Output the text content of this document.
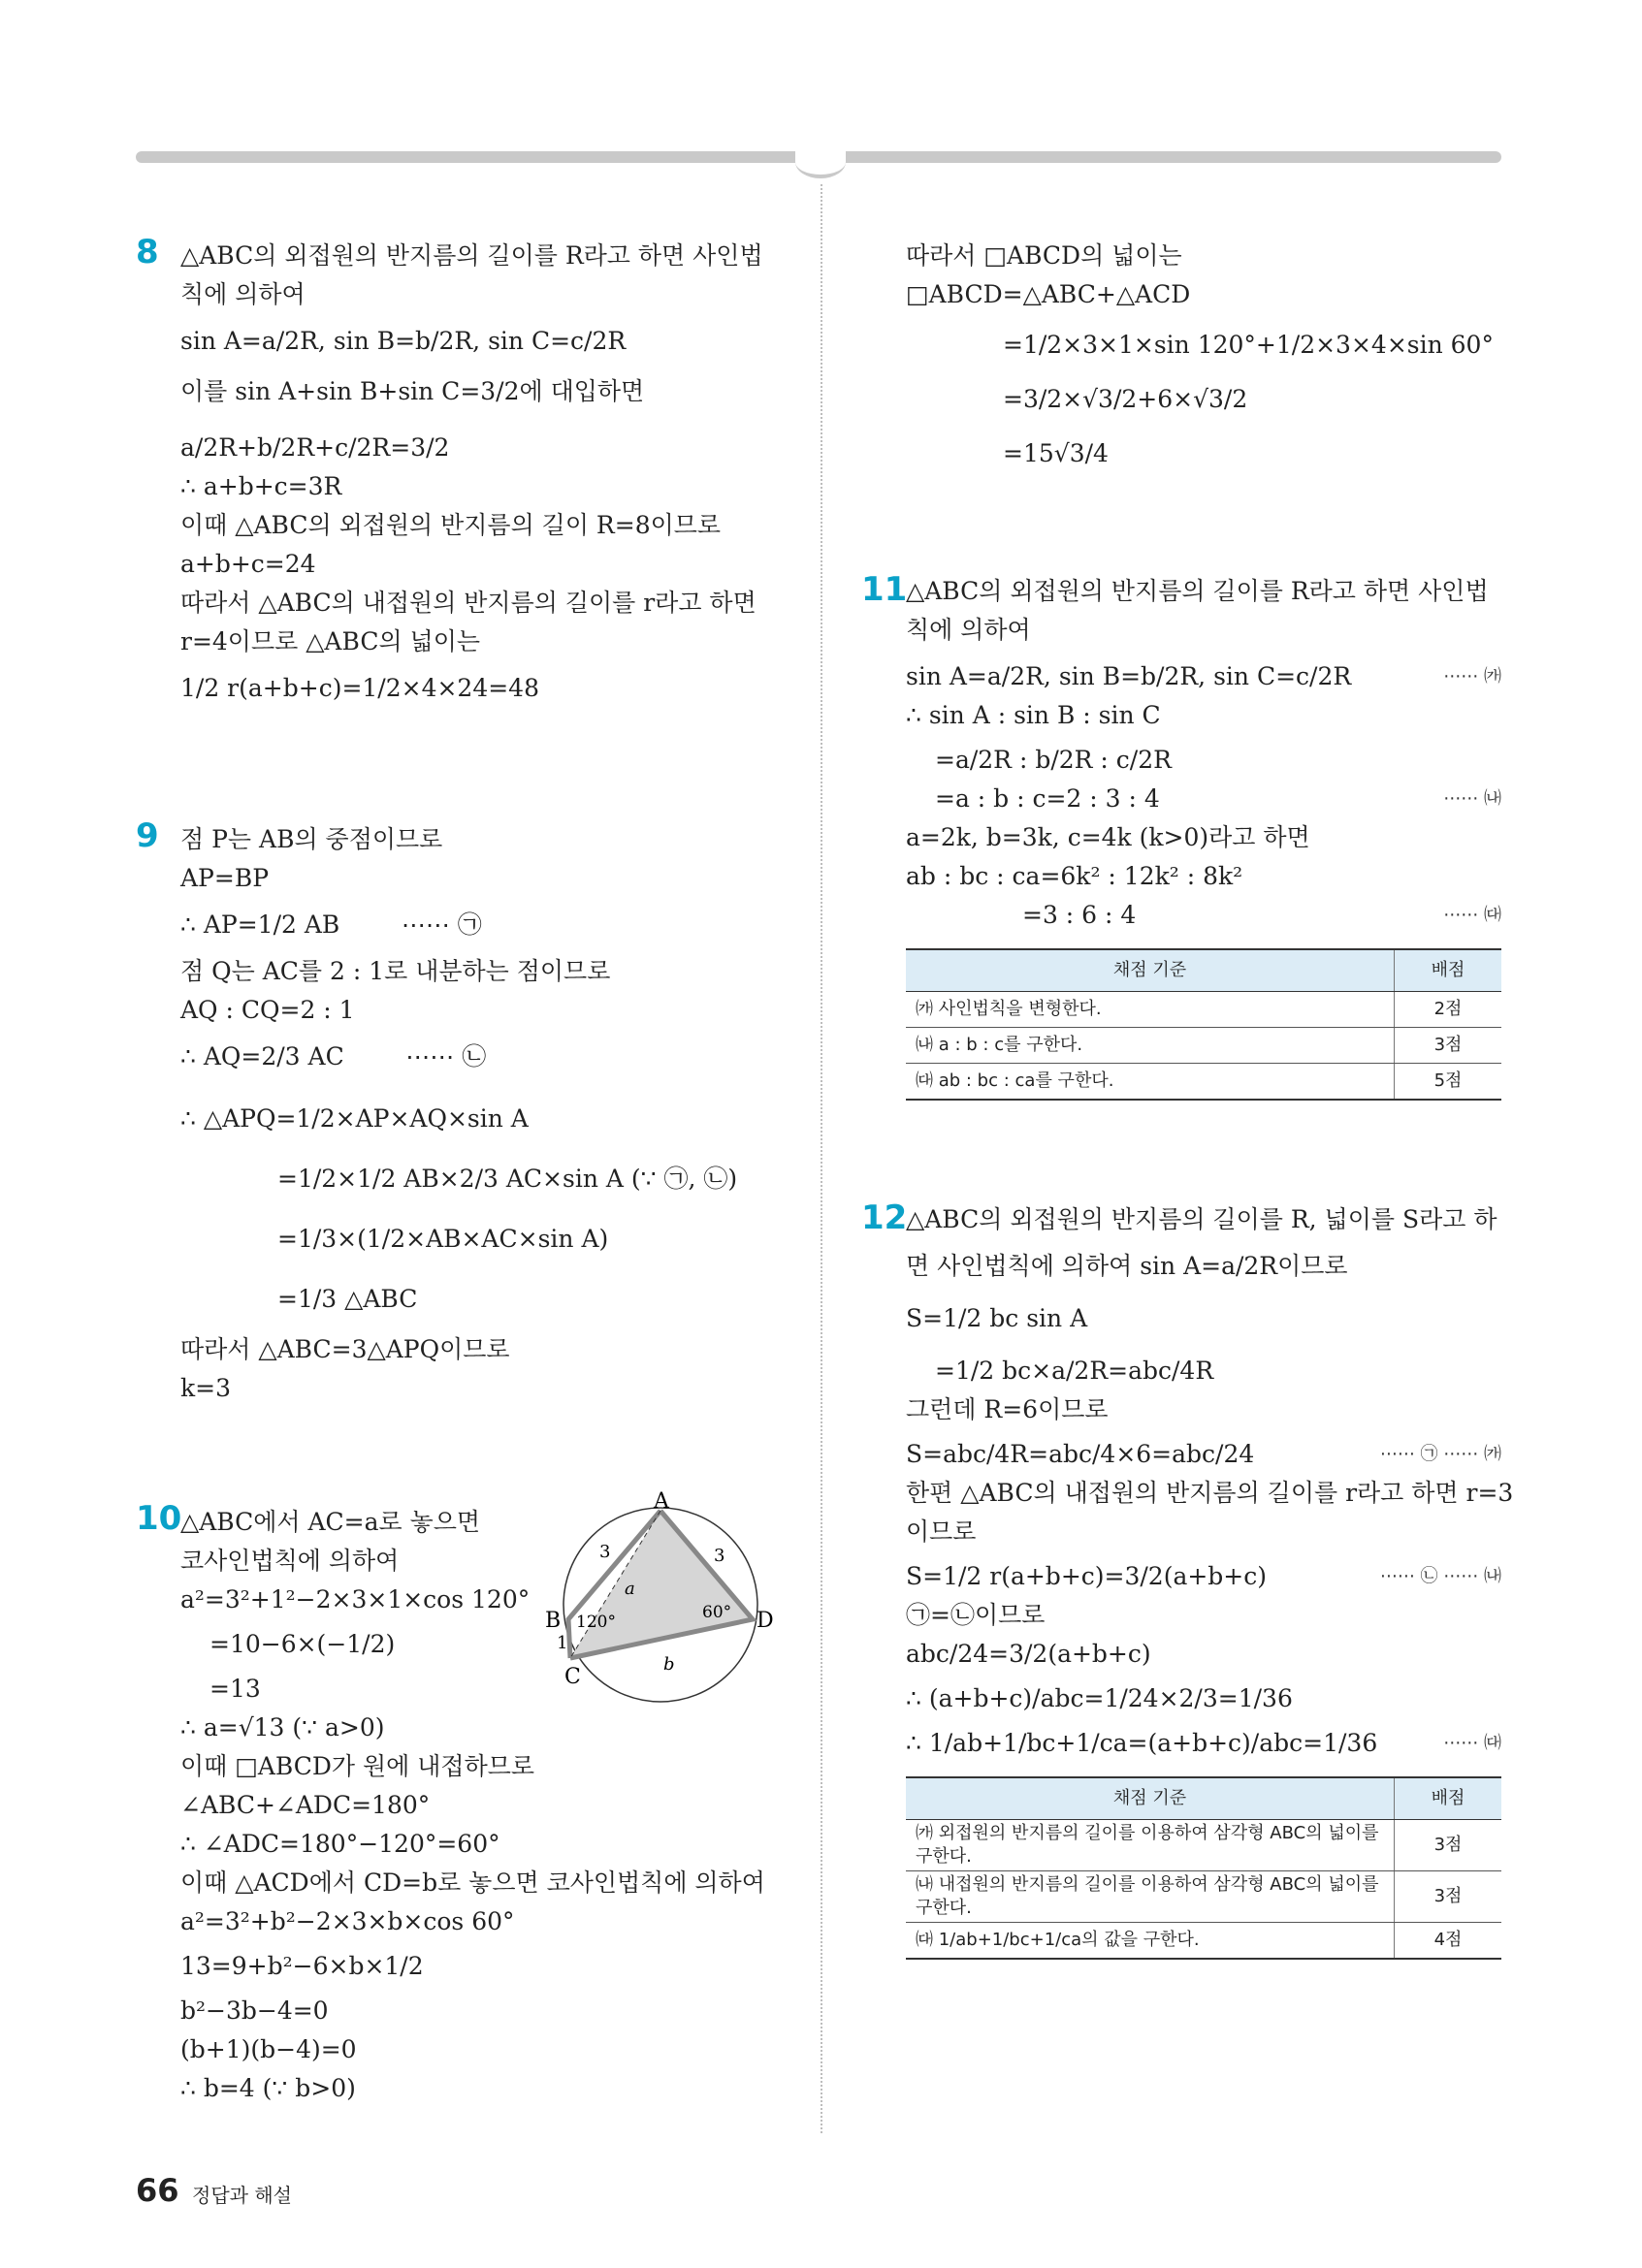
8 △ABC의 외접원의 반지름의 길이를 R라고 하면 사인법
칙에 의하여
sin A=a/2R, sin B=b/2R, sin C=c/2R
이를 sin A+sin B+sin C=3/2에 대입하면
a/2R+b/2R+c/2R=3/2
∴ a+b+c=3R
이때 △ABC의 외접원의 반지름의 길이 R=8이므로
a+b+c=24
따라서 △ABC의 내접원의 반지름의 길이를 r라고 하면
r=4이므로 △ABC의 넓이는
1/2 r(a+b+c)=1/2×4×24=48
9 점 P는 AB의 중점이므로
AP=BP
∴ AP=1/2 AB        ⋯⋯ ㉠
점 Q는 AC를 2 : 1로 내분하는 점이므로
AQ : CQ=2 : 1
∴ AQ=2/3 AC        ⋯⋯ ㉡
∴ △APQ=1/2×AP×AQ×sin A
=1/2×1/2 AB×2/3 AC×sin A (∵ ㉠, ㉡)
=1/3×(1/2×AB×AC×sin A)
=1/3 △ABC
따라서 △ABC=3△APQ이므로
k=3
10
△ABC에서 AC=a로 놓으면
코사인법칙에 의하여
a²=3²+1²−2×3×1×cos 120°
=10−6×(−1/2)
=13
∴ a=√13 (∵ a>0)
이때 □ABCD가 원에 내접하므로
∠ABC+∠ADC=180°
∴ ∠ADC=180°−120°=60°
이때 △ACD에서 CD=b로 놓으면 코사인법칙에 의하여
a²=3²+b²−2×3×b×cos 60°
13=9+b²−6×b×1/2
b²−3b−4=0
(b+1)(b−4)=0
∴ b=4 (∵ b>0)
A
B
C
D
3	3
1
120°	60°
a
b
따라서 □ABCD의 넓이는
□ABCD=△ABC+△ACD
=1/2×3×1×sin 120°+1/2×3×4×sin 60°
=3/2×√3/2+6×√3/2
=15√3/4
11
△ABC의 외접원의 반지름의 길이를 R라고 하면 사인법
칙에 의하여
⋯⋯ ㈎
sin A=a/2R, sin B=b/2R, sin C=c/2R
∴ sin A : sin B : sin C
=a/2R : b/2R : c/2R
⋯⋯ ㈏
=a : b : c=2 : 3 : 4
a=2k, b=3k, c=4k (k>0)라고 하면
ab : bc : ca=6k² : 12k² : 8k²
⋯⋯ ㈐
=3 : 6 : 4
채점 기준	배점
㈎ 사인법칙을 변형한다.	2점
㈏ a : b : c를 구한다.	3점
㈐ ab : bc : ca를 구한다.	5점
12
△ABC의 외접원의 반지름의 길이를 R, 넓이를 S라고 하
면 사인법칙에 의하여 sin A=a/2R이므로
S=1/2 bc sin A
=1/2 bc×a/2R=abc/4R
그런데 R=6이므로
⋯⋯ ㉠ ⋯⋯ ㈎
S=abc/4R=abc/4×6=abc/24
한편 △ABC의 내접원의 반지름의 길이를 r라고 하면 r=3
이므로
⋯⋯ ㉡ ⋯⋯ ㈏
S=1/2 r(a+b+c)=3/2(a+b+c)
㉠=㉡이므로
abc/24=3/2(a+b+c)
∴ (a+b+c)/abc=1/24×2/3=1/36
⋯⋯ ㈐
∴ 1/ab+1/bc+1/ca=(a+b+c)/abc=1/36
채점 기준	배점
㈎ 외접원의 반지름의 길이를 이용하여 삼각형 ABC의 넓이를 구한다.	3점
㈏ 내접원의 반지름의 길이를 이용하여 삼각형 ABC의 넓이를 구한다.	3점
㈐ 1/ab+1/bc+1/ca의 값을 구한다.	4점
66 정답과 해설
